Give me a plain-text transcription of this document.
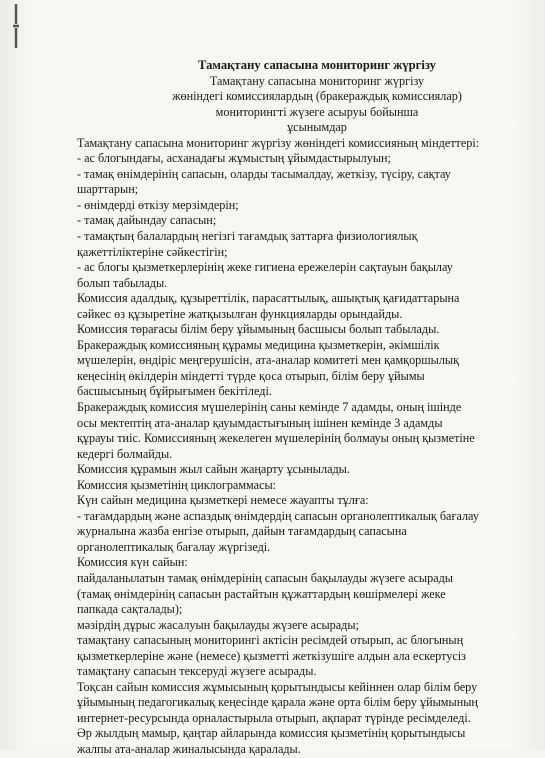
Тамақтану сапасына мониторинг жүргізу

Тамақтану сапасына мониторинг жүргізу

жөніндегі комиссиялардың (бракераждық комиссиялар)

мониторингті жүзеге асыруы бойынша

ұсынымдар

Тамақтану сапасына мониторинг жүргізу жөніндегі комиссияның міндеттері:

- ас блогындағы, асханадағы жұмыстың ұйымдастырылуын;

- тамақ өнімдерінің сапасын, оларды тасымалдау, жеткізу, түсіру, сақтау

шарттарын;

- өнімдерді өткізу мерзімдерін;

- тамақ дайындау сапасын;

- тамақтың балалардың негізгі тағамдық заттарға физиологиялық

қажеттіліктеріне сәйкестігін;

- ас блогы қызметкерлерінің жеке гигиена ережелерін сақтауын бақылау

болып табылады.

Комиссия адалдық, құзыреттілік, парасаттылық, ашықтық қағидаттарына

сәйкес өз құзыретіне жатқызылған функцияларды орындайды.

Комиссия төрағасы білім беру ұйымының басшысы болып табылады.

Бракераждық комиссияның құрамы медицина қызметкерін, әкімшілік

мүшелерін, өндіріс меңгерушісін, ата-аналар комитеті мен қамқоршылық

кеңесінің өкілдерін міндетті түрде қоса отырып, білім беру ұйымы

басшысының бұйрығымен бекітіледі.

Бракераждық комиссия мүшелерінің саны кемінде 7 адамды, оның ішінде

осы мектептің ата-аналар қауымдастығының ішінен кемінде 3 адамды

құрауы тиіс. Комиссияның жекелеген мүшелерінің болмауы оның қызметіне

кедергі болмайды.

Комиссия құрамын жыл сайын жаңарту ұсынылады.

Комиссия қызметінің циклограммасы:

Күн сайын медицина қызметкері немесе жауапты тұлға:

- тағамдардың және аспаздық өнімдердің сапасын органолептикалық бағалау

журналына жазба енгізе отырып, дайын тағамдардың сапасына

органолептикалық бағалау жүргізеді.

Комиссия күн сайын:

пайдаланылатын тамақ өнімдерінің сапасын бақылауды жүзеге асырады

(тамақ өнімдерінің сапасын растайтын құжаттардың көшірмелері жеке

папкада сақталады);

мәзірдің дұрыс жасалуын бақылауды жүзеге асырады;

тамақтану сапасының мониторингі актісін ресімдей отырып, ас блогының

қызметкерлеріне және (немесе) қызметті жеткізушіге алдын ала ескертусіз

тамақтану сапасын тексеруді жүзеге асырады.

Тоқсан сайын комиссия жұмысының қорытындысы кейіннен олар білім беру

ұйымының педагогикалық кеңесінде қарала және орта білім беру ұйымының

интернет-ресурсында орналастырыла отырып, ақпарат түрінде ресімделеді.

Әр жылдың мамыр, қаңтар айларында комиссия қызметінің қорытындысы

жалпы ата-аналар жиналысында қаралады.
